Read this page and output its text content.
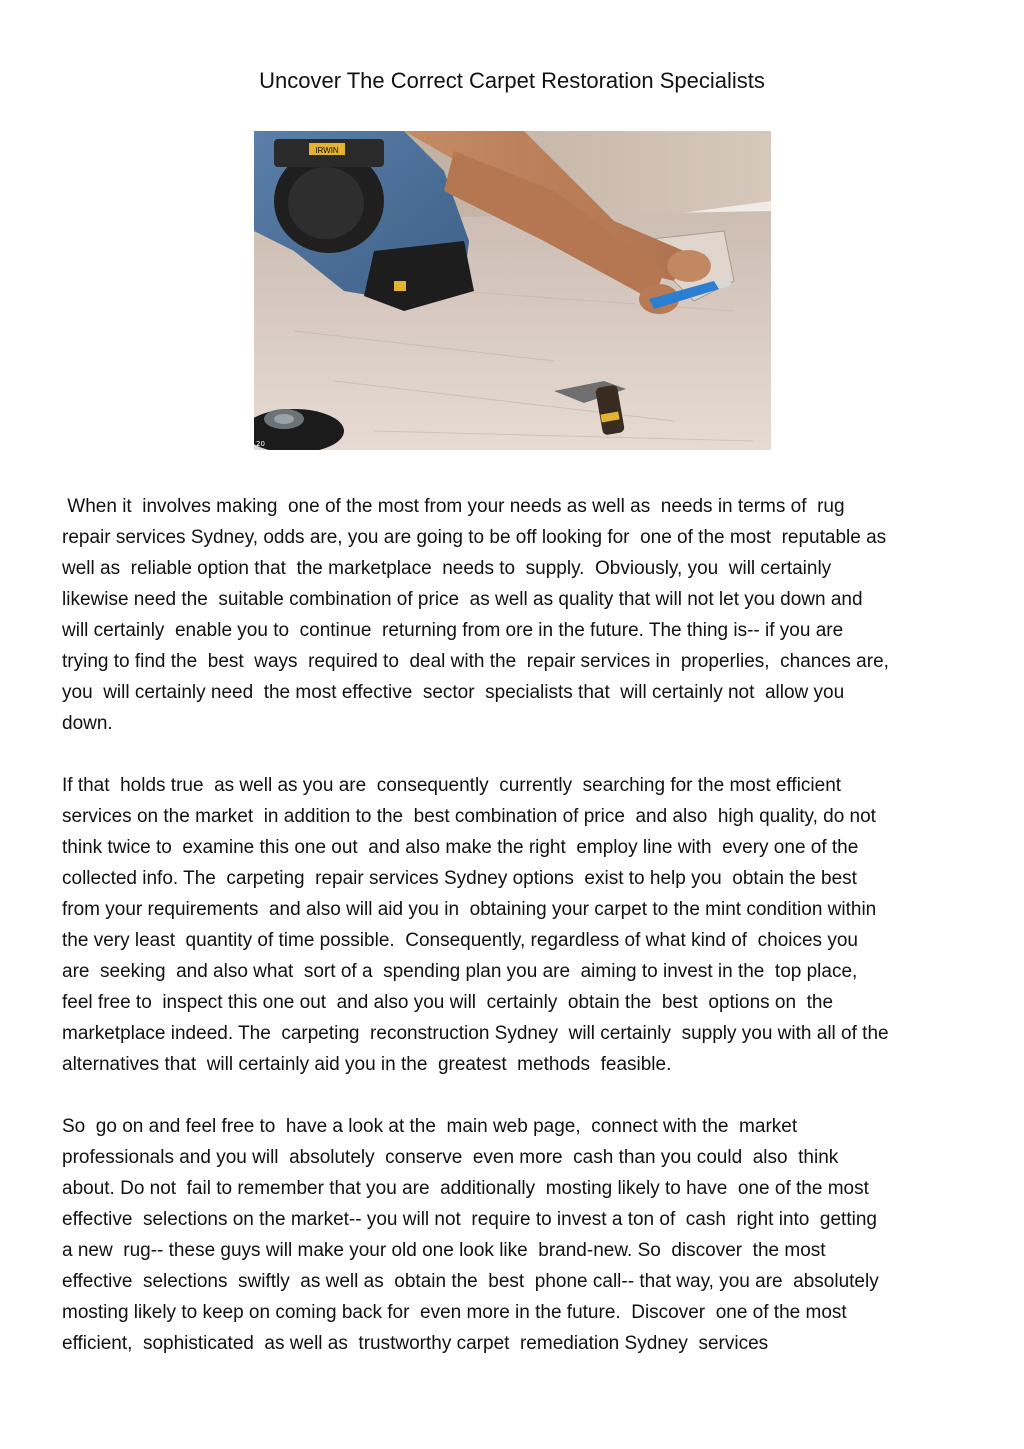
Uncover The Correct Carpet Restoration Specialists
IRWIN
20

When it  involves making  one of the most from your needs as well as  needs in terms of  rug
repair services Sydney, odds are, you are going to be off looking for  one of the most  reputable as
well as  reliable option that  the marketplace  needs to  supply.  Obviously, you  will certainly
likewise need the  suitable combination of price  as well as quality that will not let you down and
will certainly  enable you to  continue  returning from ore in the future. The thing is-- if you are
trying to find the  best  ways  required to  deal with the  repair services in  properlies,  chances are,
you  will certainly need  the most effective  sector  specialists that  will certainly not  allow you
down.

If that  holds true  as well as you are  consequently  currently  searching for the most efficient
services on the market  in addition to the  best combination of price  and also  high quality, do not
think twice to  examine this one out  and also make the right  employ line with  every one of the
collected info. The  carpeting  repair services Sydney options  exist to help you  obtain the best
from your requirements  and also will aid you in  obtaining your carpet to the mint condition within
the very least  quantity of time possible.  Consequently, regardless of what kind of  choices you
are  seeking  and also what  sort of a  spending plan you are  aiming to invest in the  top place,
feel free to  inspect this one out  and also you will  certainly  obtain the  best  options on  the
marketplace indeed. The  carpeting  reconstruction Sydney  will certainly  supply you with all of the
alternatives that  will certainly aid you in the  greatest  methods  feasible.

So  go on and feel free to  have a look at the  main web page,  connect with the  market
professionals and you will  absolutely  conserve  even more  cash than you could  also  think
about. Do not  fail to remember that you are  additionally  mosting likely to have  one of the most
effective  selections on the market-- you will not  require to invest a ton of  cash  right into  getting
a new  rug-- these guys will make your old one look like  brand-new. So  discover  the most
effective  selections  swiftly  as well as  obtain the  best  phone call-- that way, you are  absolutely
mosting likely to keep on coming back for  even more in the future.  Discover  one of the most
efficient,  sophisticated  as well as  trustworthy carpet  remediation Sydney  services
